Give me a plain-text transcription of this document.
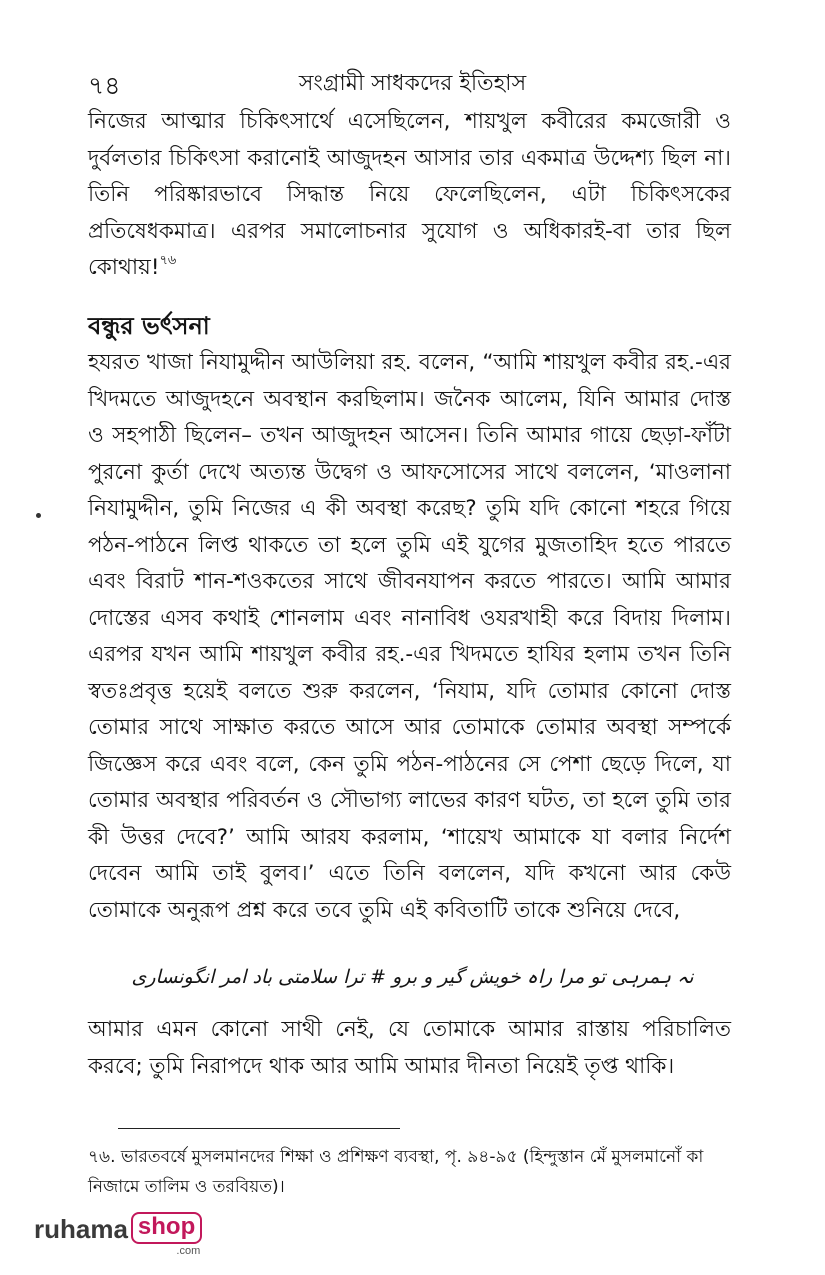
৭৪	সংগ্রামী সাধকদের ইতিহাস

নিজের আত্মার চিকিৎসার্থে এসেছিলেন, শায়খুল কবীরের কমজোরী ও দুর্বলতার চিকিৎসা করানোই আজুদহন আসার তার একমাত্র উদ্দেশ্য ছিল না। তিনি পরিষ্কারভাবে সিদ্ধান্ত নিয়ে ফেলেছিলেন, এটা চিকিৎসকের প্রতিষেধকমাত্র। এরপর সমালোচনার সুযোগ ও অধিকারই-বা তার ছিল কোথায়!$^{৭৬}$

বন্ধুর ভর্ৎসনা

হযরত খাজা নিযামুদ্দীন আউলিয়া রহ. বলেন, “আমি শায়খুল কবীর রহ.-এর খিদমতে আজুদহনে অবস্থান করছিলাম। জনৈক আলেম, যিনি আমার দোস্ত ও সহপাঠী ছিলেন– তখন আজুদহন আসেন। তিনি আমার গায়ে ছেড়া-ফাঁটা পুরনো কুর্তা দেখে অত্যন্ত উদ্বেগ ও আফসোসের সাথে বললেন, ‘মাওলানা নিযামুদ্দীন, তুমি নিজের এ কী অবস্থা করেছ? তুমি যদি কোনো শহরে গিয়ে পঠন-পাঠনে লিপ্ত থাকতে তা হলে তুমি এই যুগের মুজতাহিদ হতে পারতে এবং বিরাট শান-শওকতের সাথে জীবনযাপন করতে পারতে। আমি আমার দোস্তের এসব কথাই শোনলাম এবং নানাবিধ ওযরখাহী করে বিদায় দিলাম। এরপর যখন আমি শায়খুল কবীর রহ.-এর খিদমতে হাযির হলাম তখন তিনি স্বতঃপ্রবৃত্ত হয়েই বলতে শুরু করলেন, ‘নিযাম, যদি তোমার কোনো দোস্ত তোমার সাথে সাক্ষাত করতে আসে আর তোমাকে তোমার অবস্থা সম্পর্কে জিজ্ঞেস করে এবং বলে, কেন তুমি পঠন-পাঠনের সে পেশা ছেড়ে দিলে, যা তোমার অবস্থার পরিবর্তন ও সৌভাগ্য লাভের কারণ ঘটত, তা হলে তুমি তার কী উত্তর দেবে?’ আমি আরয করলাম, ‘শায়েখ আমাকে যা বলার নির্দেশ দেবেন আমি তাই বুলব।’ এতে তিনি বললেন, যদি কখনো আর কেউ তোমাকে অনুরূপ প্রশ্ন করে তবে তুমি এই কবিতাটি তাকে শুনিয়ে দেবে,

نہ ہمرہی تو مرا راہ خویش گیر و برو # ترا سلامتی باد امر انگونساری

আমার এমন কোনো সাথী নেই, যে তোমাকে আমার রাস্তায় পরিচালিত করবে; তুমি নিরাপদে থাক আর আমি আমার দীনতা নিয়েই তৃপ্ত থাকি।

৭৬. ভারতবর্ষে মুসলমানদের শিক্ষা ও প্রশিক্ষণ ব্যবস্থা, পৃ. ৯৪-৯৫ (হিন্দুস্তান মেঁ মুসলমানোঁ কা নিজামে তালিম ও তরবিয়ত)।

ruhama shop
.com
